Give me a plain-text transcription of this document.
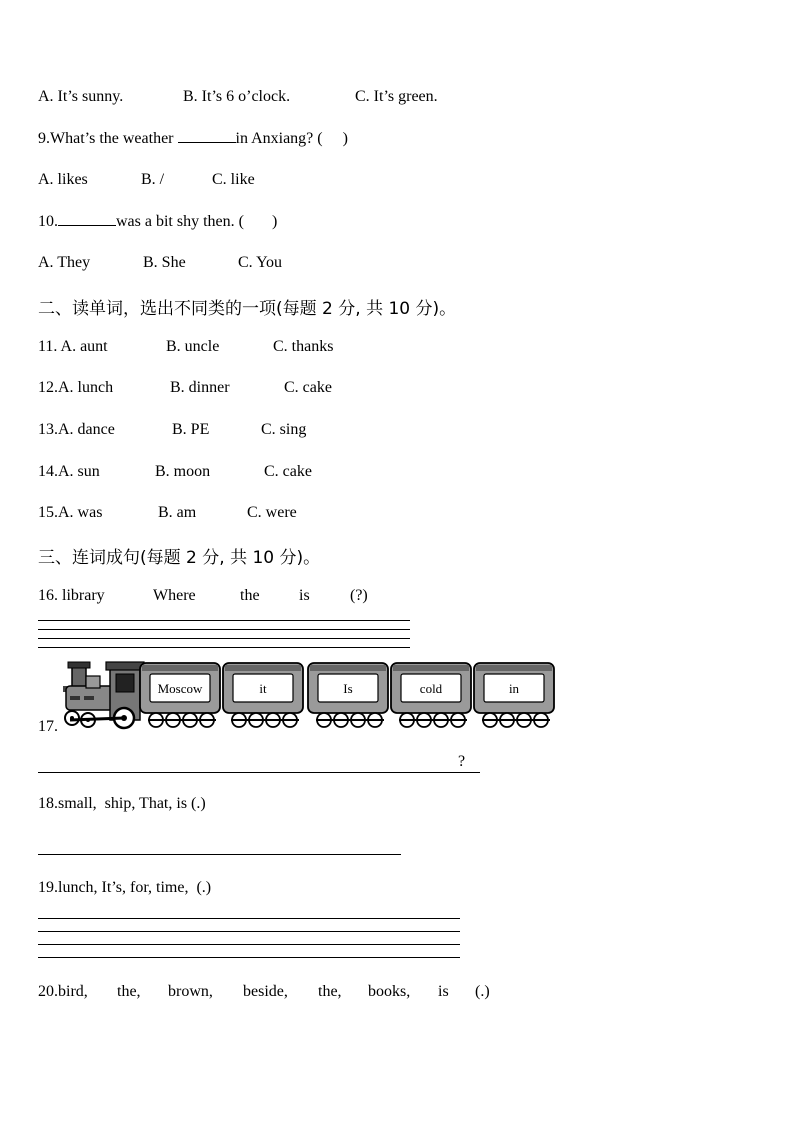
A. It’s sunny.	B. It’s 6 o’clock.	C. It’s green.
9.What’s the weather	in Anxiang? (     )
A. likes	B. /	C. like
10.	was a bit shy then. (       )
A. They	B. She	C. You
二、读单词，选出不同类的一项(每题 2 分, 共 10 分)。
11. A. aunt	B. uncle	C. thanks
12.A. lunch	B. dinner	C. cake
13.A. dance	B. PE	C. sing
14.A. sun	B. moon	C. cake
15.A. was	B. am	C. were
三、连词成句(每题 2 分, 共 10 分)。
16. library	Where	the is	(?)
17.
Moscow	it	Is	cold	in
?
18.small,  ship, That, is (.)
19.lunch, It’s, for, time,  (.)
20.bird, the, brown, beside, the, books, is (.)
